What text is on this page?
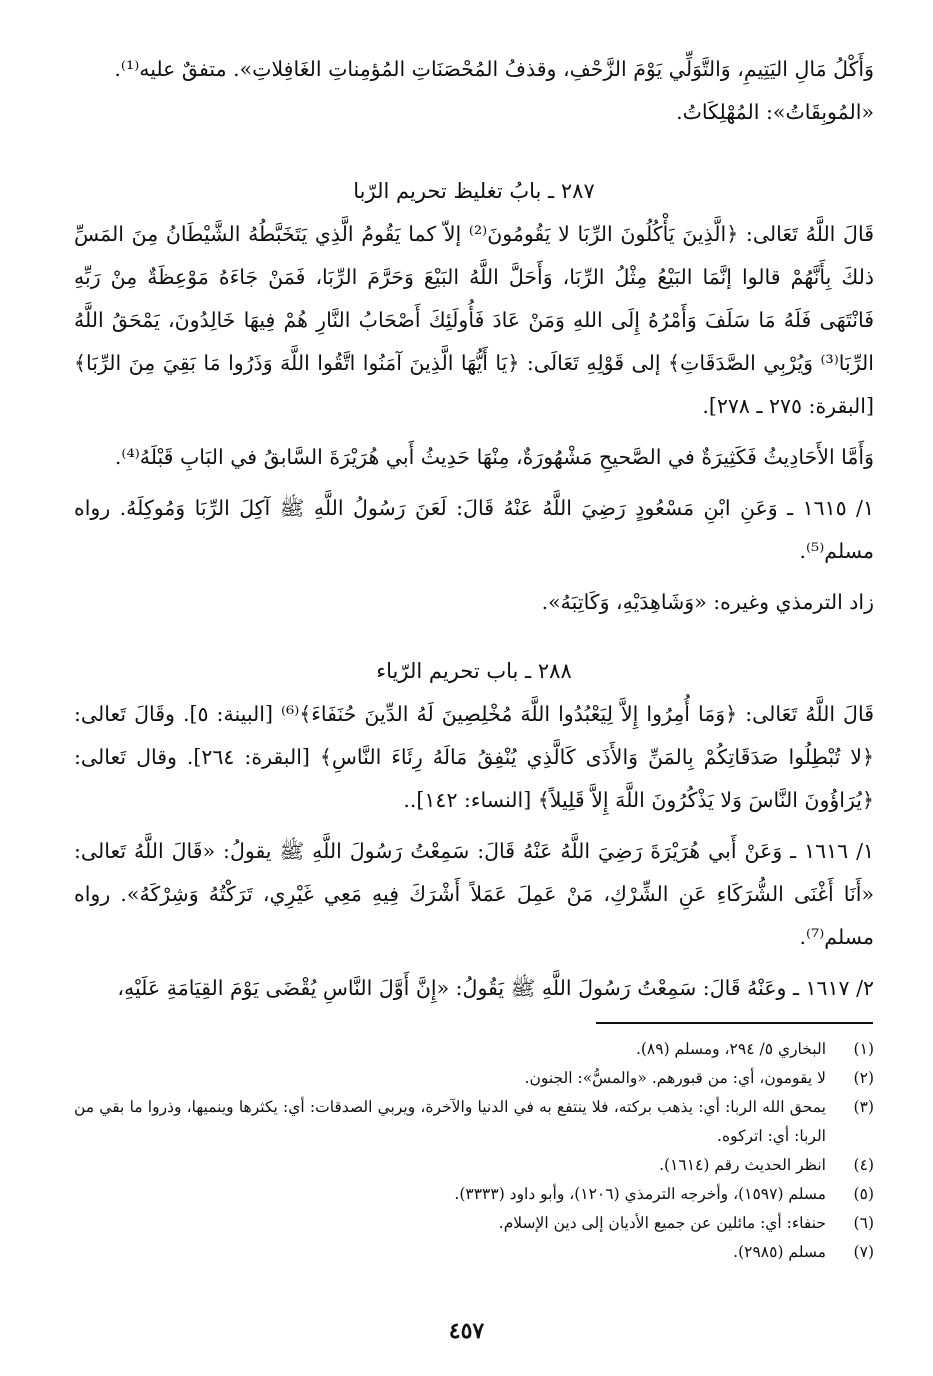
وَأَكْلُ مَالِ اليَتِيمِ، وَالتَّوَلِّي يَوْمَ الزَّحْفِ، وقذفُ المُحْصَنَاتِ المُؤمِناتِ الغَافِلاتِ». متفقٌ عليه⁽¹⁾.

«المُوبِقَاتُ»: المُهْلِكَاتُ.

٢٨٧ ـ بابُ تغليظ تحريم الرّبا

قَالَ اللَّهُ تَعَالى: ﴿الَّذِينَ يَأْكُلُونَ الرِّبَا لا يَقُومُونَ⁽²⁾ إلاّ كما يَقُومُ الَّذِي يَتَخَبَّطُهُ الشَّيْطَانُ مِنَ المَسِّ ذلكَ بِأَنَّهُمْ قالوا إنَّمَا البَيْعُ مِثْلُ الرِّبَا، وَأَحَلَّ اللَّهُ البَيْعَ وَحَرَّمَ الرِّبَا، فَمَنْ جَاءَهُ مَوْعِظَةٌ مِنْ رَبِّهِ فَانْتَهَى فَلَهُ مَا سَلَفَ وَأَمْرُهُ إِلَى اللهِ وَمَنْ عَادَ فَأُولَئِكَ أَصْحَابُ النَّارِ هُمْ فِيهَا خَالِدُونَ، يَمْحَقُ اللَّهُ الرِّبَا⁽³⁾ وَيُرْبِي الصَّدَقَاتِ﴾ إلى قَوْلِهِ تَعَالَى: ﴿يَا أَيُّهَا الَّذِينَ آمَنُوا اتَّقُوا اللَّهَ وَذَرُوا مَا بَقِيَ مِنَ الرِّبَا﴾ [البقرة: ٢٧٥ ـ ٢٧٨].

وَأَمَّا الأَحَادِيثُ فَكَثِيرَةٌ في الصَّحيحِ مَشْهُورَةٌ، مِنْهَا حَدِيثُ أَبي هُرَيْرَةَ السَّابقُ في البَابِ قَبْلَهُ⁽⁴⁾.

١/ ١٦١٥ ـ وَعَنِ ابْنِ مَسْعُودٍ رَضِيَ اللَّهُ عَنْهُ قَالَ: لَعَنَ رَسُولُ اللَّهِ ﷺ آكِلَ الرِّبَا وَمُوكِلَهُ. رواه مسلم⁽⁵⁾.

زاد الترمذي وغيره: «وَشَاهِدَيْهِ، وَكَاتِبَهُ».

٢٨٨ ـ باب تحريم الرّياء

قَالَ اللَّهُ تَعَالى: ﴿وَمَا أُمِرُوا إِلاَّ لِيَعْبُدُوا اللَّهَ مُخْلِصِينَ لَهُ الدِّينَ حُنَفَاءَ﴾⁽⁶⁾ [البينة: ٥]. وقَالَ تَعالى: ﴿لا تُبْطِلُوا صَدَقَاتِكُمْ بِالمَنِّ وَالأَذَى كَالَّذِي يُنْفِقُ مَالَهُ رِئَاءَ النَّاسِ﴾ [البقرة: ٢٦٤]. وقال تَعالى: ﴿يُرَاؤُونَ النَّاسَ وَلا يَذْكُرُونَ اللَّهَ إِلاَّ قَلِيلاً﴾ [النساء: ١٤٢]..

١/ ١٦١٦ ـ وَعَنْ أَبي هُرَيْرَةَ رَضِيَ اللَّهُ عَنْهُ قَالَ: سَمِعْتُ رَسُولَ اللَّهِ ﷺ يقولُ: «قَالَ اللَّهُ تَعالى: «أَنَا أَغْنَى الشُّرَكَاءِ عَنِ الشِّرْكِ، مَنْ عَمِلَ عَمَلاً أَشْرَكَ فِيهِ مَعِي غَيْرِي، تَرَكْتُهُ وَشِرْكَهُ». رواه مسلم⁽⁷⁾.

٢/ ١٦١٧ ـ وعَنْهُ قَالَ: سَمِعْتُ رَسُولَ اللَّهِ ﷺ يَقُولُ: «إِنَّ أَوَّلَ النَّاسِ يُقْضَى يَوْمَ القِيَامَةِ عَلَيْهِ،

(١)
البخاري ٥/ ٢٩٤، ومسلم (٨٩).
(٢)
لا يقومون، أي: من قبورهم. «والمسُّ»: الجنون.
(٣)
يمحق الله الربا: أي: يذهب بركته، فلا ينتفع به في الدنيا والآخرة، ويربي الصدقات: أي: يكثرها وينميها، وذروا ما بقي من الربا: أي: اتركوه.
(٤)
انظر الحديث رقم (١٦١٤).
(٥)
مسلم (١٥٩٧)، وأخرجه الترمذي (١٢٠٦)، وأبو داود (٣٣٣٣).
(٦)
حنفاء: أي: مائلين عن جميع الأديان إلى دين الإسلام.
(٧)
مسلم (٢٩٨٥).
٤٥٧
